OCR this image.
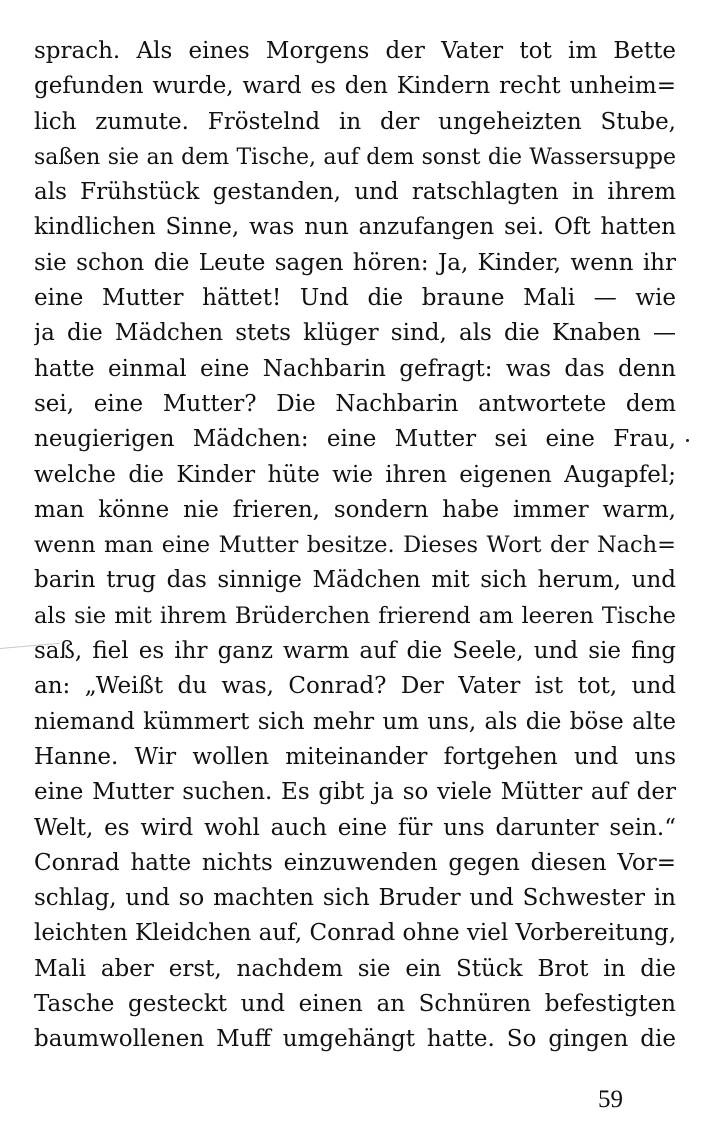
sprach. Als eines Morgens der Vater tot im Bette
gefunden wurde, ward es den Kindern recht unheim=
lich zumute. Fröstelnd in der ungeheizten Stube,
saßen sie an dem Tische, auf dem sonst die Wassersuppe
als Frühstück gestanden, und ratschlagten in ihrem
kindlichen Sinne, was nun anzufangen sei. Oft hatten
sie schon die Leute sagen hören: Ja, Kinder, wenn ihr
eine Mutter hättet! Und die braune Mali — wie
ja die Mädchen stets klüger sind, als die Knaben —
hatte einmal eine Nachbarin gefragt: was das denn
sei, eine Mutter? Die Nachbarin antwortete dem
neugierigen Mädchen: eine Mutter sei eine Frau,
welche die Kinder hüte wie ihren eigenen Augapfel;
man könne nie frieren, sondern habe immer warm,
wenn man eine Mutter besitze. Dieses Wort der Nach=
barin trug das sinnige Mädchen mit sich herum, und
als sie mit ihrem Brüderchen frierend am leeren Tische
saß, fiel es ihr ganz warm auf die Seele, und sie fing
an: „Weißt du was, Conrad? Der Vater ist tot, und
niemand kümmert sich mehr um uns, als die böse alte
Hanne. Wir wollen miteinander fortgehen und uns
eine Mutter suchen. Es gibt ja so viele Mütter auf der
Welt, es wird wohl auch eine für uns darunter sein.“
Conrad hatte nichts einzuwenden gegen diesen Vor=
schlag, und so machten sich Bruder und Schwester in
leichten Kleidchen auf, Conrad ohne viel Vorbereitung,
Mali aber erst, nachdem sie ein Stück Brot in die
Tasche gesteckt und einen an Schnüren befestigten
baumwollenen Muff umgehängt hatte. So gingen die
59
